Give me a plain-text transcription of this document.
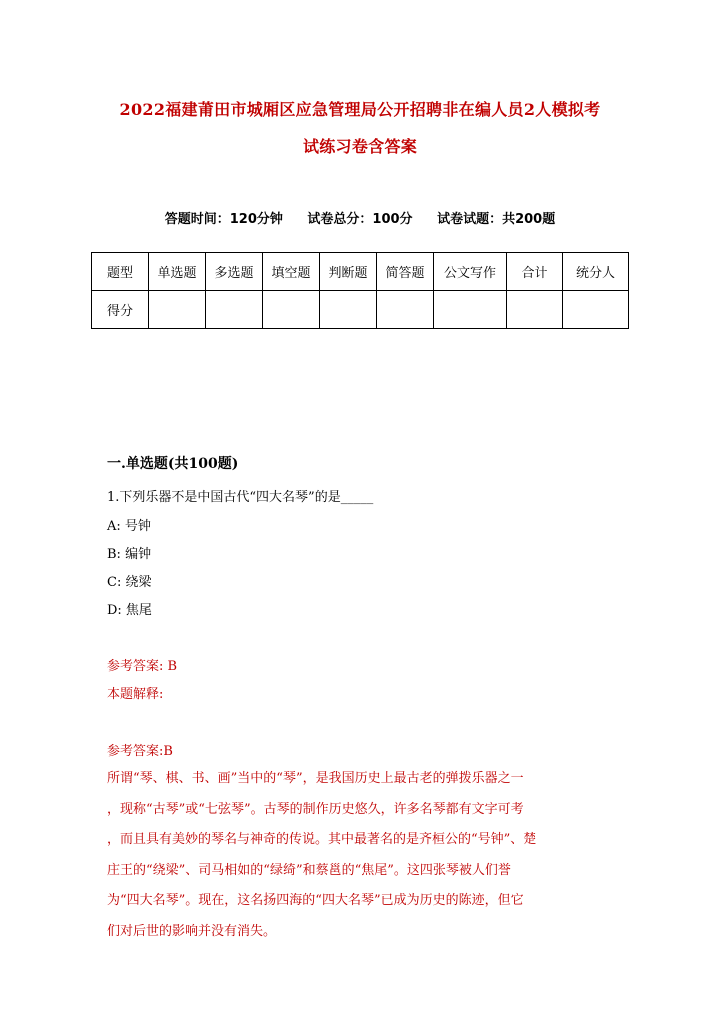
2022福建莆田市城厢区应急管理局公开招聘非在编人员2人模拟考
试练习卷含答案
答题时间：120分钟 试卷总分：100分 试卷试题：共200题
题型	单选题	多选题	填空题	判断题	简答题	公文写作	合计	统分人
得分								
一.单选题(共100题)
1.下列乐器不是中国古代“四大名琴”的是_____
A: 号钟
B: 编钟
C: 绕梁
D: 焦尾
参考答案: B
本题解释:
参考答案:B

所谓“琴、棋、书、画”当中的“琴”，是我国历史上最古老的弹拨乐器之一

，现称“古琴”或“七弦琴”。古琴的制作历史悠久，许多名琴都有文字可考

，而且具有美妙的琴名与神奇的传说。其中最著名的是齐桓公的“号钟”、楚

庄王的“绕梁”、司马相如的“绿绮”和蔡邕的“焦尾”。这四张琴被人们誉

为“四大名琴”。现在，这名扬四海的“四大名琴”已成为历史的陈迹，但它

们对后世的影响并没有消失。
